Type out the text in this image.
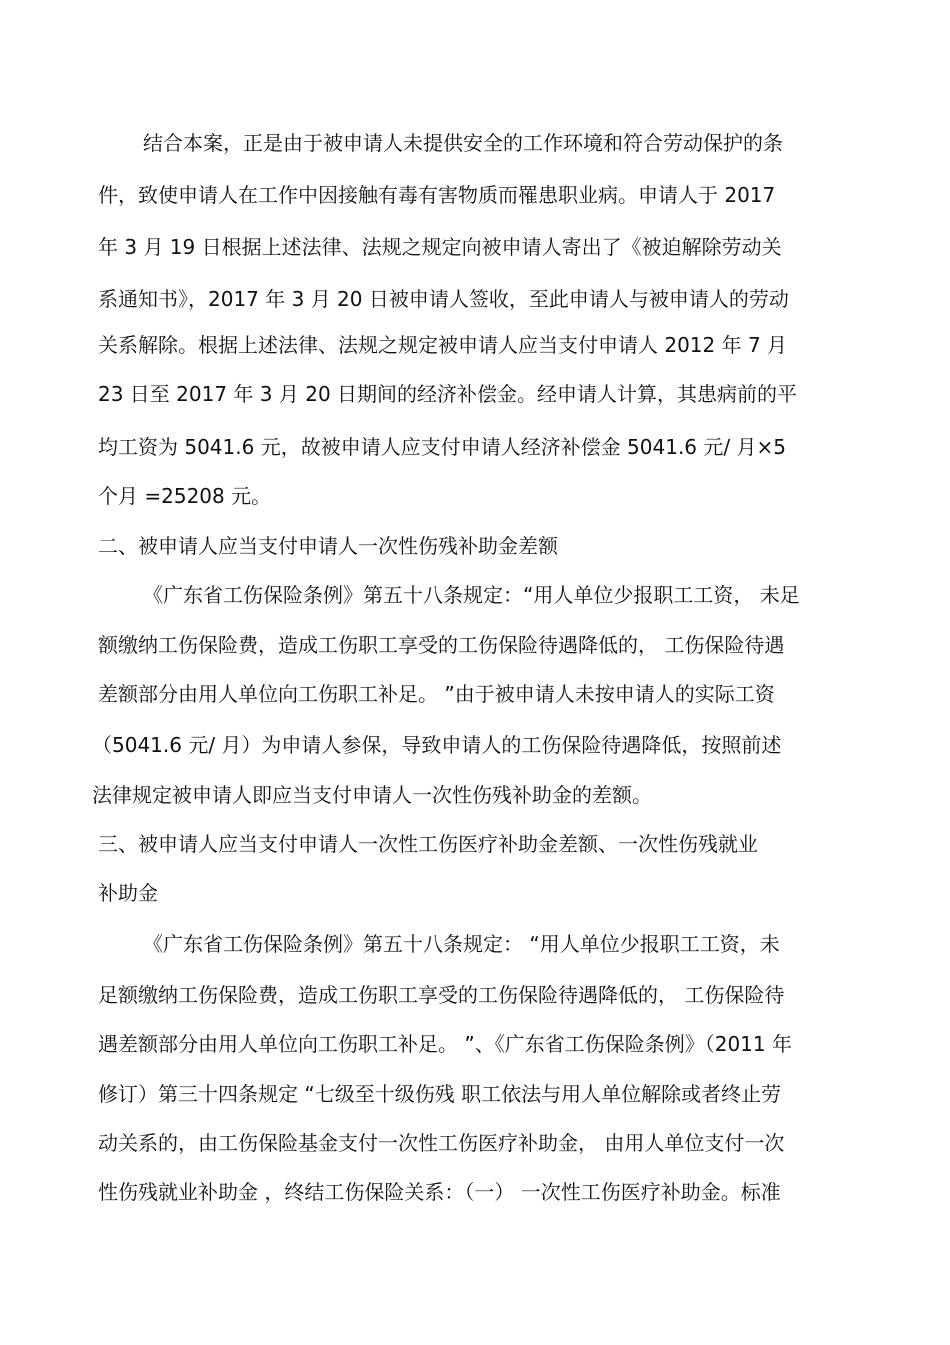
结合本案，正是由于被申请人未提供安全的工作环境和符合劳动保护的条
件，致使申请人在工作中因接触有毒有害物质而罹患职业病。申请人于 2017
年 3 月 19 日根据上述法律、法规之规定向被申请人寄出了《被迫解除劳动关
系通知书》，2017 年 3 月 20 日被申请人签收，至此申请人与被申请人的劳动
关系解除。根据上述法律、法规之规定被申请人应当支付申请人 2012 年 7 月
23 日至 2017 年 3 月 20 日期间的经济补偿金。经申请人计算，其患病前的平
均工资为 5041.6 元，故被申请人应支付申请人经济补偿金 5041.6 元/ 月×5
个月 =25208 元。
二、被申请人应当支付申请人一次性伤残补助金差额
《广东省工伤保险条例》第五十八条规定：“用人单位少报职工工资， 未足
额缴纳工伤保险费，造成工伤职工享受的工伤保险待遇降低的， 工伤保险待遇
差额部分由用人单位向工伤职工补足。 ”由于被申请人未按申请人的实际工资
（5041.6 元/ 月）为申请人参保，导致申请人的工伤保险待遇降低，按照前述
法律规定被申请人即应当支付申请人一次性伤残补助金的差额。
三、被申请人应当支付申请人一次性工伤医疗补助金差额、一次性伤残就业
补助金
《广东省工伤保险条例》第五十八条规定： “用人单位少报职工工资，未
足额缴纳工伤保险费，造成工伤职工享受的工伤保险待遇降低的， 工伤保险待
遇差额部分由用人单位向工伤职工补足。 ”、《广东省工伤保险条例》（2011 年
修订）第三十四条规定 “七级至十级伤残 职工依法与用人单位解除或者终止劳
动关系的，由工伤保险基金支付一次性工伤医疗补助金， 由用人单位支付一次
性伤残就业补助金 ，终结工伤保险关系：（一） 一次性工伤医疗补助金。标准
